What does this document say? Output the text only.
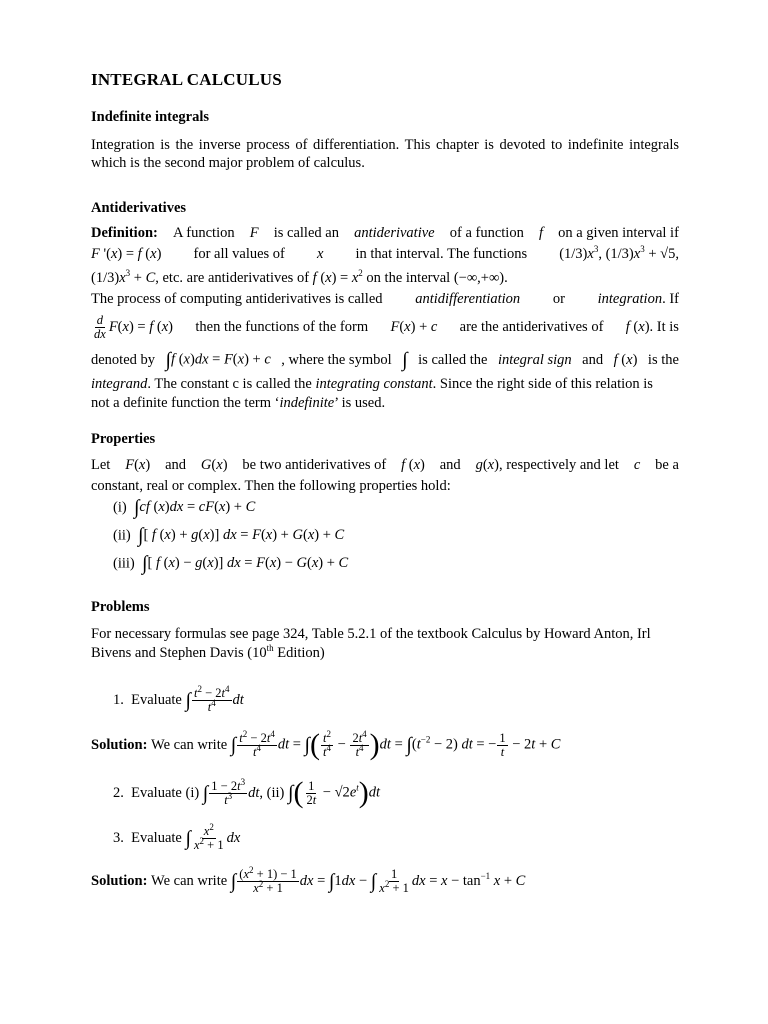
INTEGRAL CALCULUS
Indefinite integrals

Integration is the inverse process of differentiation. This chapter is devoted to indefinite integrals which is the second major problem of calculus.

Antiderivatives
Definition: A function F is called an antiderivative of a function f on a given interval if
F '(x) = f (x) for all values of x in that interval. The functions $(1/3)x^3$, $(1/3)x^3 + √5$,
$(1/3)x^3 + C$, etc. are antiderivatives of f $(x) = x^2$ on the interval (−∞,+∞).
The process of computing antiderivatives is called antidifferentiation or integration. If
$\frac{d}{dx} F(x) = f$ (x) then the functions of the form F(x) + c are the antiderivatives of f (x). It is
denoted by ∫f (x)dx = F(x) + c , where the symbol ∫ is called the integral sign and f (x) is the
integrand. The constant c is called the integrating constant. Since the right side of this relation is
not a definite function the term ‘indefinite’ is used.
Properties
Let F(x) and G(x) be two antiderivatives of f (x) and g(x), respectively and let c be a
constant, real or complex. Then the following properties hold:
(i) ∫cf (x)dx = cF(x) + C
(ii) ∫[ f (x) + g(x)] dx = F(x) + G(x) + C
(iii) ∫[ f (x) − g(x)] dx = F(x) − G(x) + C
Problems
For necessary formulas see page 324, Table 5.2.1 of the textbook Calculus by Howard Anton, Irl
Bivens and Stephen Davis (10th Edition)
1.
Evaluate
∫ $\frac{t^2 - 2t^4}{t^4}$ dt
Solution:
We can write
∫ $\frac{t^2 - 2t^4}{t^4}$ dt = ∫( $\frac{t^2}{t^4} - \frac{2t^4}{t^4} )dt = \int(t^{-2} - 2)$ dt = − $\frac{1}{t} - 2t + C$
2.
Evaluate
(i)
∫ $\frac{1 - 2t^3}{t^3}$ dt,
(ii)
∫( $\frac{1}{2t} - √2e^t)dt$
3.
Evaluate
∫ $\frac{x^2}{x^2 + 1}$ dx
Solution:
We can write
∫ $\frac{(x^2 + 1) - 1}{x^2 + 1}$ dx = ∫1dx − ∫ $\frac{1}{x^2 + 1}$ dx = $x - \tan^{-1} x + C$
